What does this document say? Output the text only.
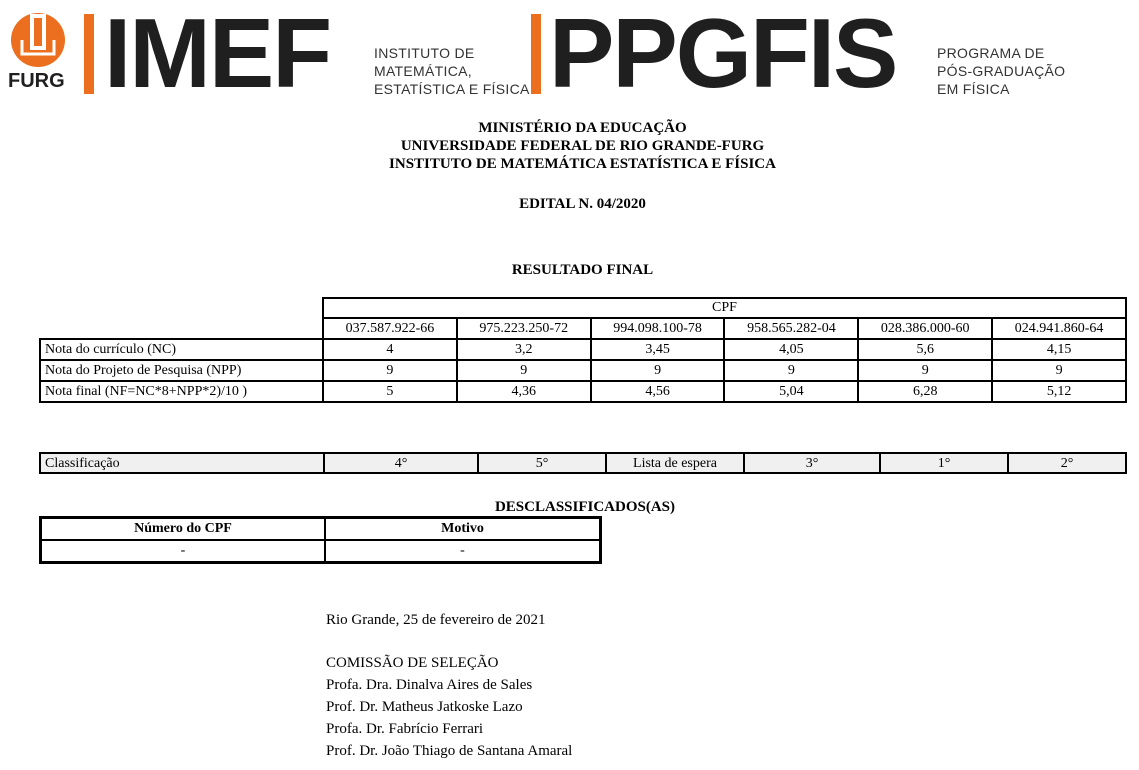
FURG IMEF	INSTITUTO DE
MATEMÁTICA,
ESTATÍSTICA E FÍSICA PPGFIS	PROGRAMA DE
PÓS-GRADUAÇÃO
EM FÍSICA
MINISTÉRIO DA EDUCAÇÃO
UNIVERSIDADE FEDERAL DE RIO GRANDE-FURG
INSTITUTO DE MATEMÁTICA ESTATÍSTICA E FÍSICA
EDITAL N. 04/2020
RESULTADO FINAL
	CPF					
	037.587.922-66	975.223.250-72	994.098.100-78	958.565.282-04	028.386.000-60	024.941.860-64
Nota do currículo (NC)	4	3,2	3,45	4,05	5,6	4,15
Nota do Projeto de Pesquisa (NPP)	9	9	9	9	9	9
Nota final (NF=NC*8+NPP*2)/10 )	5	4,36	4,56	5,04	6,28	5,12
Classificação	4°	5°	Lista de espera	3°	1°	2°
DESCLASSIFICADOS(AS)
Número do CPF	Motivo
-	-
Rio Grande, 25 de fevereiro de 2021
COMISSÃO DE SELEÇÃO
Profa. Dra. Dinalva Aires de Sales
Prof. Dr. Matheus Jatkoske Lazo
Profa. Dr. Fabrício Ferrari
Prof. Dr. João Thiago de Santana Amaral
